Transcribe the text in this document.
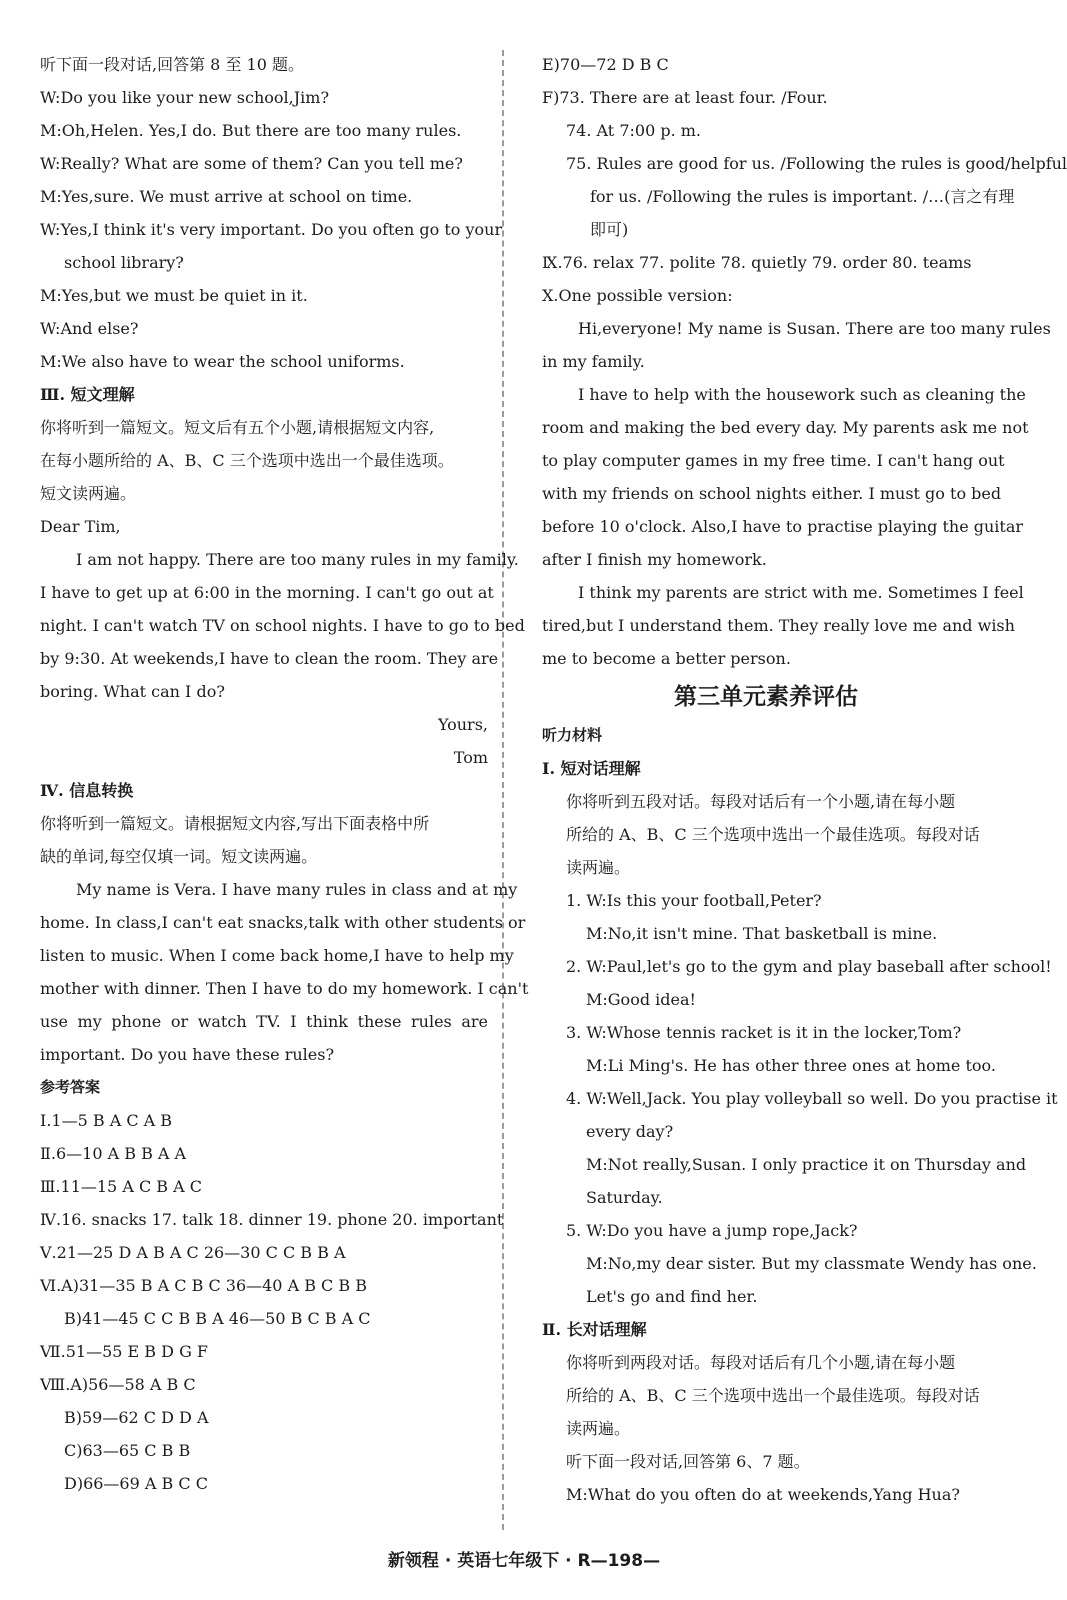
听下面一段对话,回答第 8 至 10 题。
W:Do you like your new school,Jim?
M:Oh,Helen. Yes,I do. But there are too many rules.
W:Really? What are some of them? Can you tell me?
M:Yes,sure. We must arrive at school on time.
W:Yes,I think it's very important. Do you often go to your
school library?
M:Yes,but we must be quiet in it.
W:And else?
M:We also have to wear the school uniforms.
Ⅲ. 短文理解
你将听到一篇短文。短文后有五个小题,请根据短文内容,
在每小题所给的 A、B、C 三个选项中选出一个最佳选项。
短文读两遍。
Dear Tim,
I am not happy. There are too many rules in my family.
I have to get up at 6:00 in the morning. I can't go out at
night. I can't watch TV on school nights. I have to go to bed
by 9:30. At weekends,I have to clean the room. They are
boring. What can I do?
Yours,
Tom
Ⅳ. 信息转换
你将听到一篇短文。请根据短文内容,写出下面表格中所
缺的单词,每空仅填一词。短文读两遍。
My name is Vera. I have many rules in class and at my
home. In class,I can't eat snacks,talk with other students or
listen to music. When I come back home,I have to help my
mother with dinner. Then I have to do my homework. I can't
use my phone or watch TV. I think these rules are
important. Do you have these rules?
参考答案
Ⅰ.1—5 B A C A B
Ⅱ.6—10 A B B A A
Ⅲ.11—15 A C B A C
Ⅳ.16. snacks 17. talk 18. dinner 19. phone 20. important
Ⅴ.21—25 D A B A C 26—30 C C B B A
Ⅵ.A)31—35 B A C B C 36—40 A B C B B
B)41—45 C C B B A 46—50 B C B A C
Ⅶ.51—55 E B D G F
Ⅷ.A)56—58 A B C
B)59—62 C D D A
C)63—65 C B B
D)66—69 A B C C
E)70—72 D B C
F)73. There are at least four. /Four.
74. At 7:00 p. m.
75. Rules are good for us. /Following the rules is good/helpful
for us. /Following the rules is important. /…(言之有理
即可)
Ⅸ.76. relax 77. polite 78. quietly 79. order 80. teams
Ⅹ.One possible version:
Hi,everyone! My name is Susan. There are too many rules
in my family.
I have to help with the housework such as cleaning the
room and making the bed every day. My parents ask me not
to play computer games in my free time. I can't hang out
with my friends on school nights either. I must go to bed
before 10 o'clock. Also,I have to practise playing the guitar
after I finish my homework.
I think my parents are strict with me. Sometimes I feel
tired,but I understand them. They really love me and wish
me to become a better person.
第三单元素养评估
听力材料
Ⅰ. 短对话理解
你将听到五段对话。每段对话后有一个小题,请在每小题
所给的 A、B、C 三个选项中选出一个最佳选项。每段对话
读两遍。
1. W:Is this your football,Peter?
M:No,it isn't mine. That basketball is mine.
2. W:Paul,let's go to the gym and play baseball after school!
M:Good idea!
3. W:Whose tennis racket is it in the locker,Tom?
M:Li Ming's. He has other three ones at home too.
4. W:Well,Jack. You play volleyball so well. Do you practise it
every day?
M:Not really,Susan. I only practice it on Thursday and
Saturday.
5. W:Do you have a jump rope,Jack?
M:No,my dear sister. But my classmate Wendy has one.
Let's go and find her.
Ⅱ. 长对话理解
你将听到两段对话。每段对话后有几个小题,请在每小题
所给的 A、B、C 三个选项中选出一个最佳选项。每段对话
读两遍。
听下面一段对话,回答第 6、7 题。
M:What do you often do at weekends,Yang Hua?
新领程 · 英语七年级下 · R—198—
